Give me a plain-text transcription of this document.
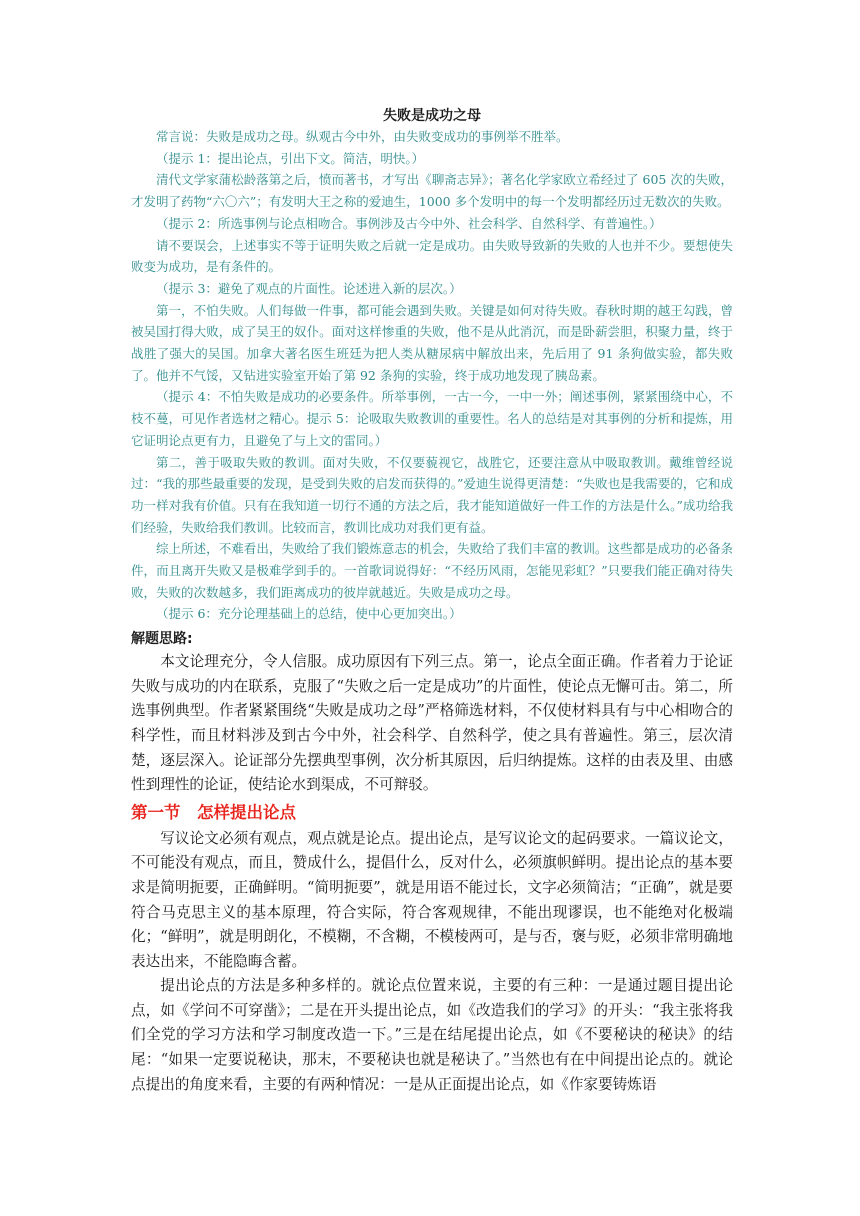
失败是成功之母

常言说：失败是成功之母。纵观古今中外，由失败变成功的事例举不胜举。

（提示 1：提出论点，引出下文。简洁，明快。）

清代文学家蒲松龄落第之后，愤而著书，才写出《聊斋志异》；著名化学家欧立希经过了 605 次的失败，才发明了药物“六〇六”；有发明大王之称的爱迪生，1000 多个发明中的每一个发明都经历过无数次的失败。

（提示 2：所选事例与论点相吻合。事例涉及古今中外、社会科学、自然科学、有普遍性。）

请不要误会，上述事实不等于证明失败之后就一定是成功。由失败导致新的失败的人也并不少。要想使失败变为成功，是有条件的。

（提示 3：避免了观点的片面性。论述进入新的层次。）

第一，不怕失败。人们每做一件事，都可能会遇到失败。关键是如何对待失败。春秋时期的越王勾践，曾被吴国打得大败，成了吴王的奴仆。面对这样惨重的失败，他不是从此消沉，而是卧薪尝胆，积聚力量，终于战胜了强大的吴国。加拿大著名医生班廷为把人类从糖尿病中解放出来，先后用了 91 条狗做实验，都失败了。他并不气馁，又钻进实验室开始了第 92 条狗的实验，终于成功地发现了胰岛素。

（提示 4：不怕失败是成功的必要条件。所举事例，一古一今，一中一外；阐述事例，紧紧围绕中心，不枝不蔓，可见作者选材之精心。提示 5：论吸取失败教训的重要性。名人的总结是对其事例的分析和提炼，用它证明论点更有力，且避免了与上文的雷同。）

第二，善于吸取失败的教训。面对失败，不仅要藐视它，战胜它，还要注意从中吸取教训。戴维曾经说过：“我的那些最重要的发现，是受到失败的启发而获得的。”爱迪生说得更清楚：“失败也是我需要的，它和成功一样对我有价值。只有在我知道一切行不通的方法之后，我才能知道做好一件工作的方法是什么。”成功给我们经验，失败给我们教训。比较而言，教训比成功对我们更有益。

综上所述，不难看出，失败给了我们锻炼意志的机会，失败给了我们丰富的教训。这些都是成功的必备条件，而且离开失败又是极难学到手的。一首歌词说得好：“不经历风雨，怎能见彩虹？”只要我们能正确对待失败，失败的次数越多，我们距离成功的彼岸就越近。失败是成功之母。

（提示 6：充分论理基础上的总结，使中心更加突出。）

解题思路:

本文论理充分，令人信服。成功原因有下列三点。第一，论点全面正确。作者着力于论证失败与成功的内在联系，克服了“失败之后一定是成功”的片面性，使论点无懈可击。第二，所选事例典型。作者紧紧围绕“失败是成功之母”严格筛选材料，不仅使材料具有与中心相吻合的科学性，而且材料涉及到古今中外，社会科学、自然科学，使之具有普遍性。第三，层次清楚，逐层深入。论证部分先摆典型事例，次分析其原因，后归纳提炼。这样的由表及里、由感性到理性的论证，使结论水到渠成，不可辩驳。

第一节　怎样提出论点

写议论文必须有观点，观点就是论点。提出论点，是写议论文的起码要求。一篇议论文，不可能没有观点，而且，赞成什么，提倡什么，反对什么，必须旗帜鲜明。提出论点的基本要求是简明扼要，正确鲜明。“简明扼要”，就是用语不能过长，文字必须简洁；“正确”，就是要符合马克思主义的基本原理，符合实际，符合客观规律，不能出现谬误，也不能绝对化极端化；“鲜明”，就是明朗化，不模糊，不含糊，不模棱两可，是与否，褒与贬，必须非常明确地表达出来，不能隐晦含蓄。

提出论点的方法是多种多样的。就论点位置来说，主要的有三种：一是通过题目提出论点，如《学问不可穿凿》；二是在开头提出论点，如《改造我们的学习》的开头：“我主张将我们全党的学习方法和学习制度改造一下。”三是在结尾提出论点，如《不要秘诀的秘诀》的结尾：“如果一定要说秘诀，那末，不要秘诀也就是秘诀了。”当然也有在中间提出论点的。就论点提出的角度来看，主要的有两种情况：一是从正面提出论点，如《作家要铸炼语
